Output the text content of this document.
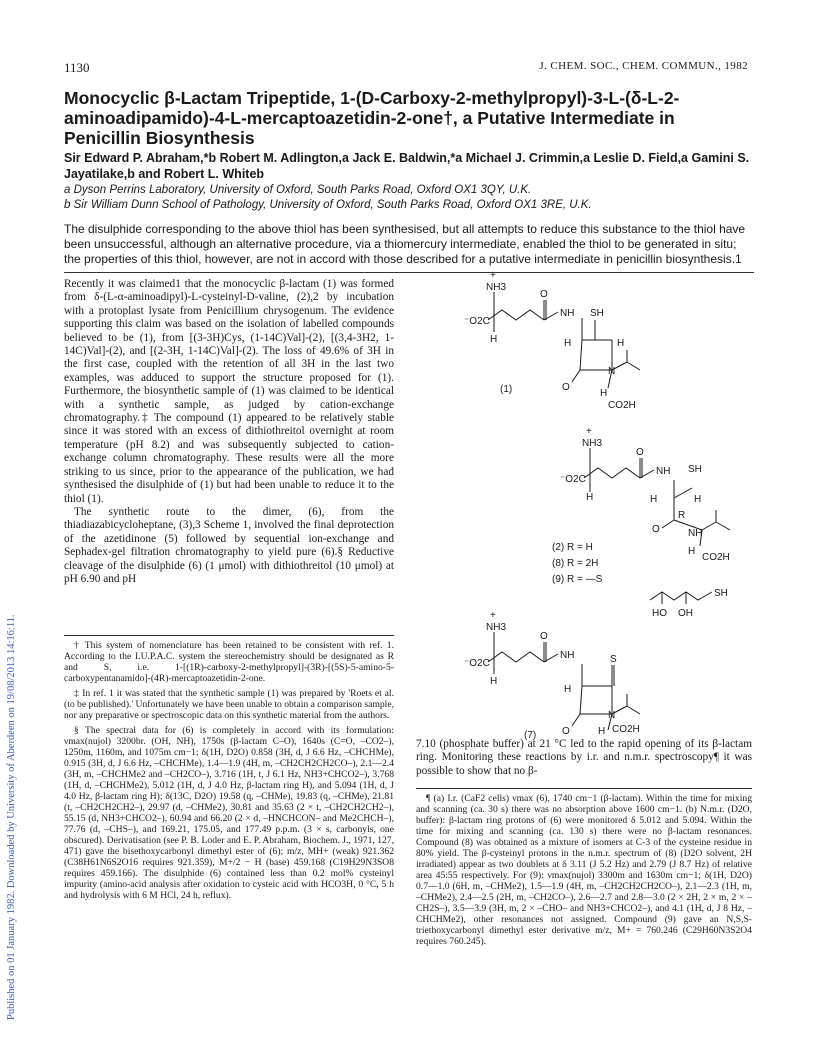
Published on 01 January 1982. Downloaded by University of Aberdeen on 19/08/2013 14:16:11.
1130	J. CHEM. SOC., CHEM. COMMUN., 1982
Monocyclic β-Lactam Tripeptide, 1-(D-Carboxy-2-methylpropyl)-3-L-(δ-L-2-aminoadipamido)-4-L-mercaptoazetidin-2-one†, a Putative Intermediate in Penicillin Biosynthesis
Sir Edward P. Abraham,*b Robert M. Adlington,a Jack E. Baldwin,*a Michael J. Crimmin,a Leslie D. Field,a Gamini S. Jayatilake,b and Robert L. Whiteb
a Dyson Perrins Laboratory, University of Oxford, South Parks Road, Oxford OX1 3QY, U.K.
b Sir William Dunn School of Pathology, University of Oxford, South Parks Road, Oxford OX1 3RE, U.K.
The disulphide corresponding to the above thiol has been synthesised, but all attempts to reduce this substance to the thiol have been unsuccessful, although an alternative procedure, via a thiomercury intermediate, enabled the thiol to be generated in situ; the properties of this thiol, however, are not in accord with those described for a putative intermediate in penicillin biosynthesis.1

Recently it was claimed1 that the monocyclic β-lactam (1) was formed from δ-(L-α-aminoadipyl)-L-cysteinyl-D-valine, (2),2 by incubation with a protoplast lysate from Penicillium chrysogenum. The evidence supporting this claim was based on the isolation of labelled compounds believed to be (1), from [(3-3H)Cys, (1-14C)Val]-(2), [(3,4-3H2, 1-14C)Val]-(2), and [(2-3H, 1-14C)Val]-(2). The loss of 49.6% of 3H in the first case, coupled with the retention of all 3H in the last two examples, was adduced to support the structure proposed for (1). Furthermore, the biosynthetic sample of (1) was claimed to be identical with a synthetic sample, as judged by cation-exchange chromatography.‡ The compound (1) appeared to be relatively stable since it was stored with an excess of dithiothreitol overnight at room temperature (pH 8.2) and was subsequently subjected to cation-exchange column chromatography. These results were all the more striking to us since, prior to the appearance of the publication, we had synthesised the disulphide of (1) but had been unable to reduce it to the thiol (1).

The synthetic route to the dimer, (6), from the thiadiazabicycloheptane, (3),3 Scheme 1, involved the final deprotection of the azetidinone (5) followed by sequential ion-exchange and Sephadex-gel filtration chromatography to yield pure (6).§ Reductive cleavage of the disulphide (6) (1 μmol) with dithiothreitol (10 μmol) at pH 6.90 and pH

† This system of nomenclature has been retained to be consistent with ref. 1. According to the I.U.P.A.C. system the stereochemistry should be designated as R and S, i.e. 1-[(1R)-carboxy-2-methylpropyl]-(3R)-[(5S)-5-amino-5-carboxypentanamido]-(4R)-mercaptoazetidin-2-one.

‡ In ref. 1 it was stated that the synthetic sample (1) was prepared by 'Roets et al. (to be published).' Unfortunately we have been unable to obtain a comparison sample, nor any preparative or spectroscopic data on this synthetic material from the authors.

§ The spectral data for (6) is completely in accord with its formulation: νmax(nujol) 3200br. (OH, NH), 1750s (β-lactam C–O), 1640s (C=O, –CO2–), 1250m, 1160m, and 1075m cm−1; δ(1H, D2O) 0.858 (3H, d, J 6.6 Hz, –CHCHMe), 0.915 (3H, d, J 6.6 Hz, –CHCHMe), 1.4—1.9 (4H, m, –CH2CH2CH2CO–), 2.1—2.4 (3H, m, –CHCHMe2 and –CH2CO–), 3.716 (1H, t, J 6.1 Hz, NH3+CHCO2–), 3.768 (1H, d, –CHCHMe2), 5.012 (1H, d, J 4.0 Hz, β-lactam ring H), and 5.094 (1H, d, J 4.0 Hz, β-lactam ring H); δ(13C, D2O) 19.58 (q, –CHMe), 19.83 (q, –CHMe), 21.81 (t, –CH2CH2CH2–), 29.97 (d, –CHMe2), 30.81 and 35.63 (2 × t, –CH2CH2CH2–), 55.15 (d, NH3+CHCO2–), 60.94 and 66.20 (2 × d, –HNCHCON– and Me2CHCH–), 77.76 (d, –CHS–), and 169.21, 175.05, and 177.49 p.p.m. (3 × s, carbonyls, one obscured). Derivatisation (see P. B. Loder and E. P. Abraham, Biochem. J., 1971, 127, 471) gave the bisethoxycarbonyl dimethyl ester of (6); m/z, MH+ (weak) 921.362 (C38H61N6S2O16 requires 921.359), M+/2 − H (base) 459.168 (C19H29N3SO8 requires 459.166). The disulphide (6) contained less than 0.2 mol% cysteinyl impurity (amino-acid analysis after oxidation to cysteic acid with HCO3H, 0 °C, 5 h and hydrolysis with 6 M HCl, 24 h, reflux).

+
NH3
O
⁻O2C
H
NH SH
H	H
N
O
H
CO2H
(1)
+
NH3
O
⁻O2C
H
NH SH
H	H
R
O	NH
H
CO2H
(2) R = H
(8) R = 2H
(9) R = —S
SH
HO OH
+
NH3
O
⁻O2C
H
NH	S
H
N
O	H CO2H
(7)
7.10 (phosphate buffer) at 21 °C led to the rapid opening of its β-lactam ring. Monitoring these reactions by i.r. and n.m.r. spectroscopy¶ it was possible to show that no β-

¶ (a) I.r. (CaF2 cells) νmax (6), 1740 cm−1 (β-lactam). Within the time for mixing and scanning (ca. 30 s) there was no absorption above 1600 cm−1. (b) N.m.r. (D2O, buffer): β-lactam ring protons of (6) were monitored δ 5.012 and 5.094. Within the time for mixing and scanning (ca. 130 s) there were no β-lactam resonances. Compound (8) was obtained as a mixture of isomers at C-3 of the cysteine residue in 80% yield. The β-cysteinyl protons in the n.m.r. spectrum of (8) (D2O solvent, 2H irradiated) appear as two doublets at δ 3.11 (J 5.2 Hz) and 2.79 (J 8.7 Hz) of relative area 45:55 respectively. For (9): νmax(nujol) 3300m and 1630m cm−1; δ(1H, D2O) 0.7—1.0 (6H, m, –CHMe2), 1.5—1.9 (4H, m, –CH2CH2CH2CO–), 2.1—2.3 (1H, m, –CHMe2), 2.4—2.5 (2H, m, –CH2CO–), 2.6—2.7 and 2.8—3.0 (2 × 2H, 2 × m, 2 × –CH2S–), 3.5—3.9 (3H, m, 2 × –CHO– and NH3+CHCO2–), and 4.1 (1H, d, J 8 Hz, –CHCHMe2), other resonances not assigned. Compound (9) gave an N,S,S-triethoxycarbonyl dimethyl ester derivative m/z, M+ = 760.246 (C29H60N3S2O4 requires 760.245).
